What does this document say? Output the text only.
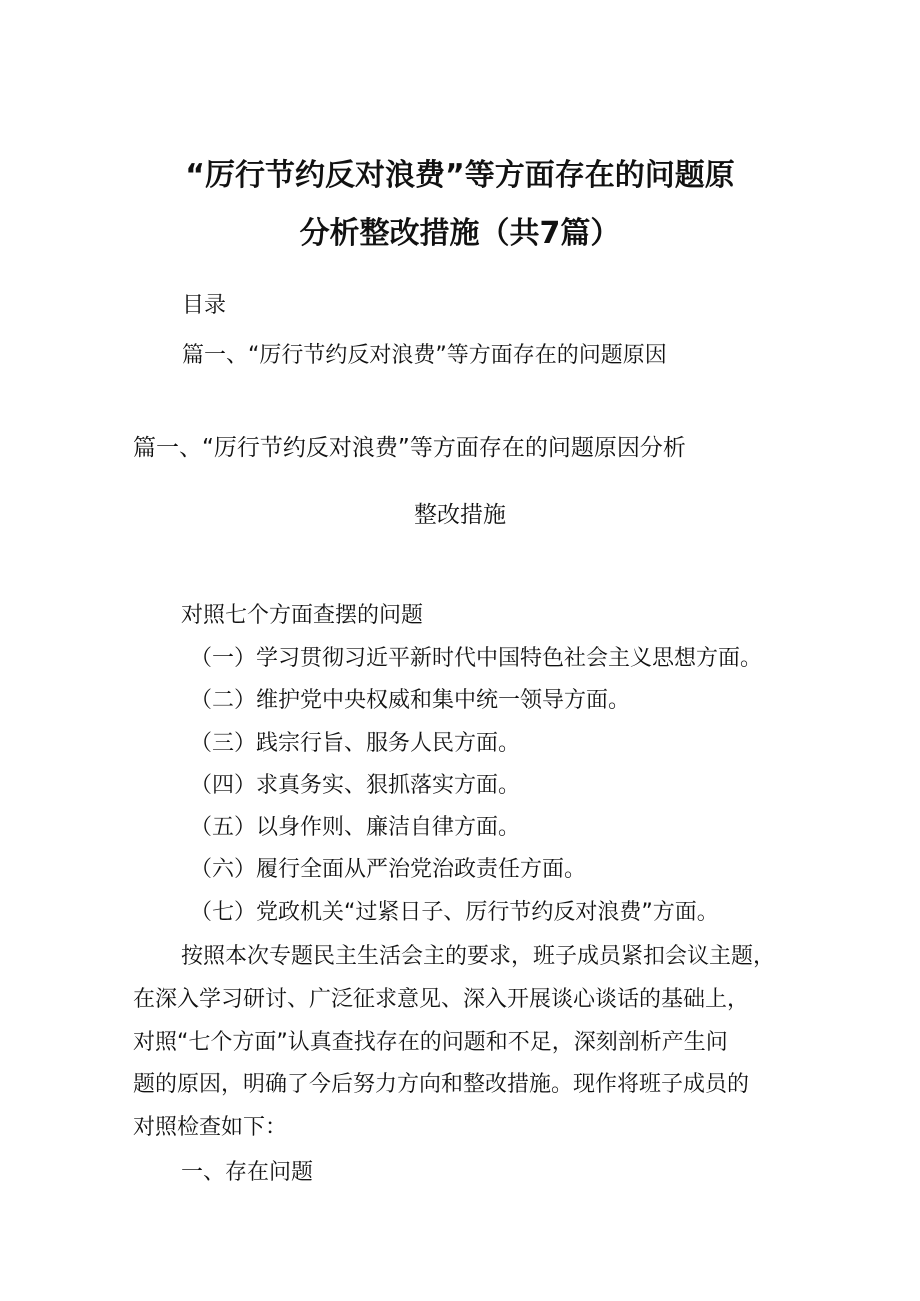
“厉行节约反对浪费”等方面存在的问题原
分析整改措施（共7篇）
目录
篇一、“厉行节约反对浪费”等方面存在的问题原因
篇一、“厉行节约反对浪费”等方面存在的问题原因分析
整改措施
对照七个方面查摆的问题
（一）学习贯彻习近平新时代中国特色社会主义思想方面。
（二）维护党中央权威和集中统一领导方面。
（三）践宗行旨、服务人民方面。
（四）求真务实、狠抓落实方面。
（五）以身作则、廉洁自律方面。
（六）履行全面从严治党治政责任方面。
（七）党政机关“过紧日子、厉行节约反对浪费”方面。

按照本次专题民主生活会主的要求，班子成员紧扣会议主题，

在深入学习研讨、广泛征求意见、深入开展谈心谈话的基础上，

对照“七个方面”认真查找存在的问题和不足，深刻剖析产生问

题的原因，明确了今后努力方向和整改措施。现作将班子成员的

对照检查如下：

一、存在问题
